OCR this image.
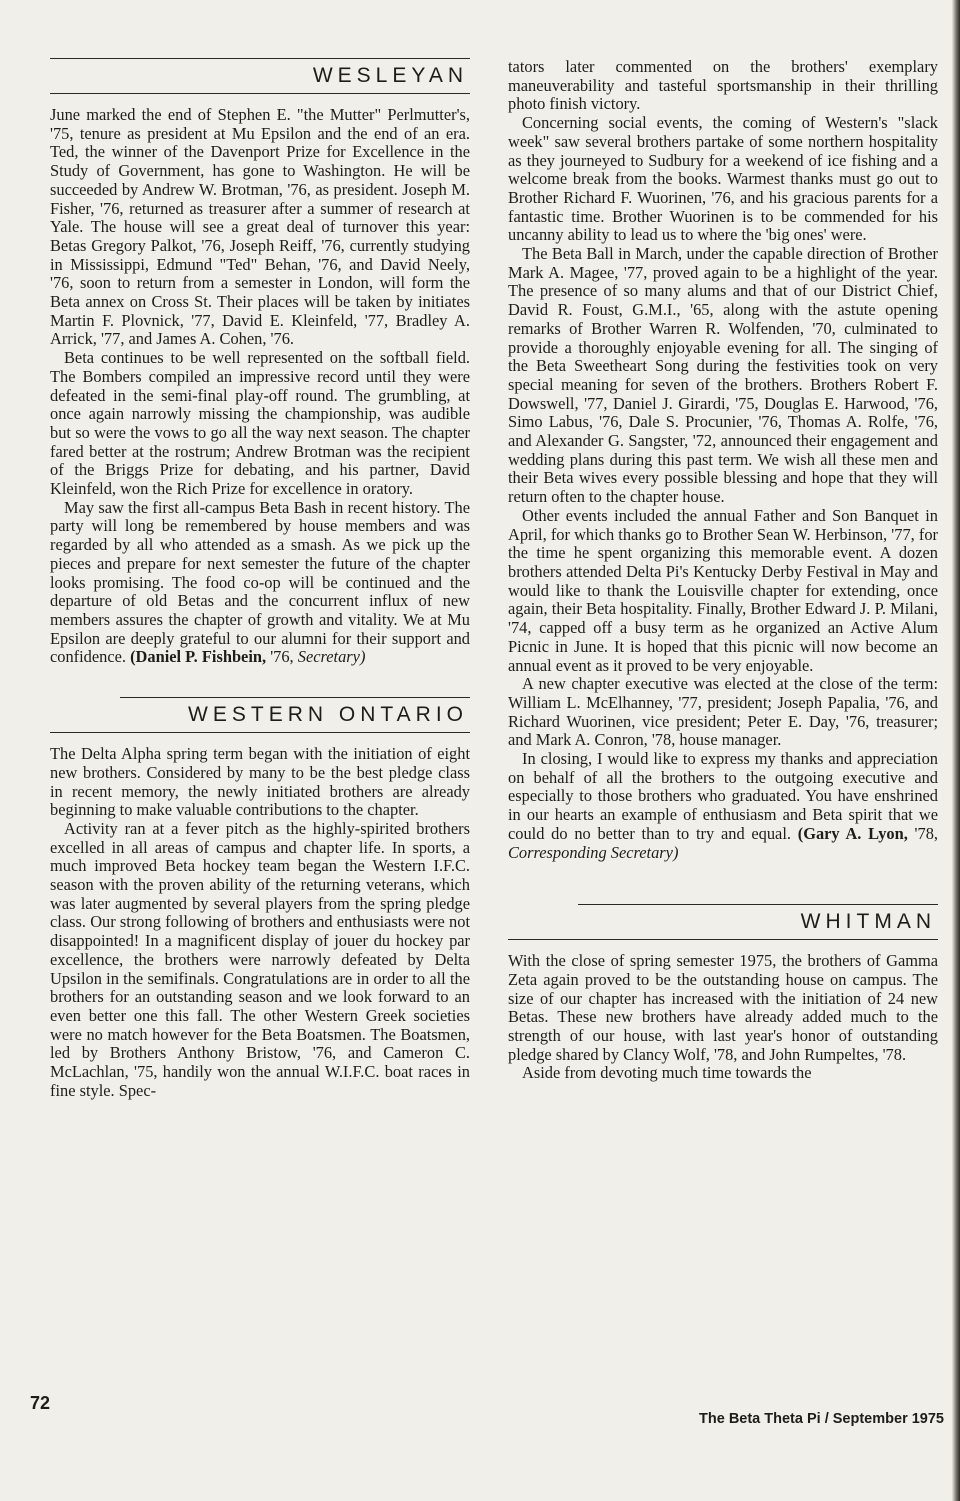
WESLEYAN

June marked the end of Stephen E. "the Mutter" Perlmutter's, '75, tenure as president at Mu Epsilon and the end of an era. Ted, the winner of the Davenport Prize for Excellence in the Study of Government, has gone to Washington. He will be succeeded by Andrew W. Brotman, '76, as president. Joseph M. Fisher, '76, returned as treasurer after a summer of research at Yale. The house will see a great deal of turnover this year: Betas Gregory Palkot, '76, Joseph Reiff, '76, currently studying in Mississippi, Edmund "Ted" Behan, '76, and David Neely, '76, soon to return from a semester in London, will form the Beta annex on Cross St. Their places will be taken by initiates Martin F. Plovnick, '77, David E. Kleinfeld, '77, Bradley A. Arrick, '77, and James A. Cohen, '76.

Beta continues to be well represented on the softball field. The Bombers compiled an impressive record until they were defeated in the semi-final play-off round. The grumbling, at once again narrowly missing the championship, was audible but so were the vows to go all the way next season. The chapter fared better at the rostrum; Andrew Brotman was the recipient of the Briggs Prize for debating, and his partner, David Kleinfeld, won the Rich Prize for excellence in oratory.

May saw the first all-campus Beta Bash in recent history. The party will long be remembered by house members and was regarded by all who attended as a smash. As we pick up the pieces and prepare for next semester the future of the chapter looks promising. The food co-op will be continued and the departure of old Betas and the concurrent influx of new members assures the chapter of growth and vitality. We at Mu Epsilon are deeply grateful to our alumni for their support and confidence. (Daniel P. Fishbein, '76, Secretary)

WESTERN ONTARIO

The Delta Alpha spring term began with the initiation of eight new brothers. Considered by many to be the best pledge class in recent memory, the newly initiated brothers are already beginning to make valuable contributions to the chapter.

Activity ran at a fever pitch as the highly-spirited brothers excelled in all areas of campus and chapter life. In sports, a much improved Beta hockey team began the Western I.F.C. season with the proven ability of the returning veterans, which was later augmented by several players from the spring pledge class. Our strong following of brothers and enthusiasts were not disappointed! In a magnificent display of jouer du hockey par excellence, the brothers were narrowly defeated by Delta Upsilon in the semifinals. Congratulations are in order to all the brothers for an outstanding season and we look forward to an even better one this fall. The other Western Greek societies were no match however for the Beta Boatsmen. The Boatsmen, led by Brothers Anthony Bristow, '76, and Cameron C. McLachlan, '75, handily won the annual W.I.F.C. boat races in fine style. Spec-

tators later commented on the brothers' exemplary maneuverability and tasteful sportsmanship in their thrilling photo finish victory.

Concerning social events, the coming of Western's "slack week" saw several brothers partake of some northern hospitality as they journeyed to Sudbury for a weekend of ice fishing and a welcome break from the books. Warmest thanks must go out to Brother Richard F. Wuorinen, '76, and his gracious parents for a fantastic time. Brother Wuorinen is to be commended for his uncanny ability to lead us to where the 'big ones' were.

The Beta Ball in March, under the capable direction of Brother Mark A. Magee, '77, proved again to be a highlight of the year. The presence of so many alums and that of our District Chief, David R. Foust, G.M.I., '65, along with the astute opening remarks of Brother Warren R. Wolfenden, '70, culminated to provide a thoroughly enjoyable evening for all. The singing of the Beta Sweetheart Song during the festivities took on very special meaning for seven of the brothers. Brothers Robert F. Dowswell, '77, Daniel J. Girardi, '75, Douglas E. Harwood, '76, Simo Labus, '76, Dale S. Procunier, '76, Thomas A. Rolfe, '76, and Alexander G. Sangster, '72, announced their engagement and wedding plans during this past term. We wish all these men and their Beta wives every possible blessing and hope that they will return often to the chapter house.

Other events included the annual Father and Son Banquet in April, for which thanks go to Brother Sean W. Herbinson, '77, for the time he spent organizing this memorable event. A dozen brothers attended Delta Pi's Kentucky Derby Festival in May and would like to thank the Louisville chapter for extending, once again, their Beta hospitality. Finally, Brother Edward J. P. Milani, '74, capped off a busy term as he organized an Active Alum Picnic in June. It is hoped that this picnic will now become an annual event as it proved to be very enjoyable.

A new chapter executive was elected at the close of the term: William L. McElhanney, '77, president; Joseph Papalia, '76, and Richard Wuorinen, vice president; Peter E. Day, '76, treasurer; and Mark A. Conron, '78, house manager.

In closing, I would like to express my thanks and appreciation on behalf of all the brothers to the outgoing executive and especially to those brothers who graduated. You have enshrined in our hearts an example of enthusiasm and Beta spirit that we could do no better than to try and equal. (Gary A. Lyon, '78, Corresponding Secretary)

WHITMAN

With the close of spring semester 1975, the brothers of Gamma Zeta again proved to be the outstanding house on campus. The size of our chapter has increased with the initiation of 24 new Betas. These new brothers have already added much to the strength of our house, with last year's honor of outstanding pledge shared by Clancy Wolf, '78, and John Rumpeltes, '78.

Aside from devoting much time towards the

72
The Beta Theta Pi / September 1975
